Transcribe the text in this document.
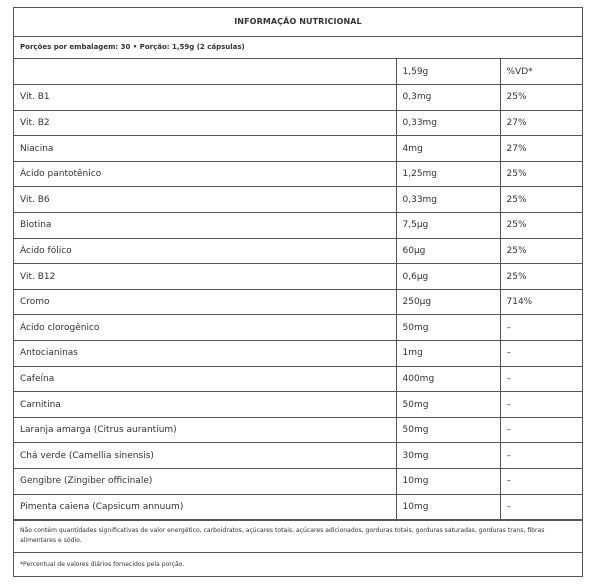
INFORMAÇÃO NUTRICIONAL
Porções por embalagem: 30 • Porção: 1,59g (2 cápsulas)
	1,59g	%VD*
Vit. B1	0,3mg	25%
Vit. B2	0,33mg	27%
Niacina	4mg	27%
Ácido pantotênico	1,25mg	25%
Vit. B6	0,33mg	25%
Biotina	7,5µg	25%
Ácido fólico	60µg	25%
Vit. B12	0,6µg	25%
Cromo	250µg	714%
Ácido clorogênico	50mg	–
Antocianinas	1mg	–
Cafeína	400mg	–
Carnitina	50mg	–
Laranja amarga (Citrus aurantium)	50mg	–
Chá verde (Camellia sinensis)	30mg	–
Gengibre (Zingiber officinale)	10mg	–
Pimenta caiena (Capsicum annuum)	10mg	–
Não contém quantidades significativas de valor energético, carboidratos, açúcares totais, açúcares adicionados, gorduras totais, gorduras saturadas, gorduras trans, fibras alimentares e sódio.
*Percentual de valores diários fornecidos pela porção.
